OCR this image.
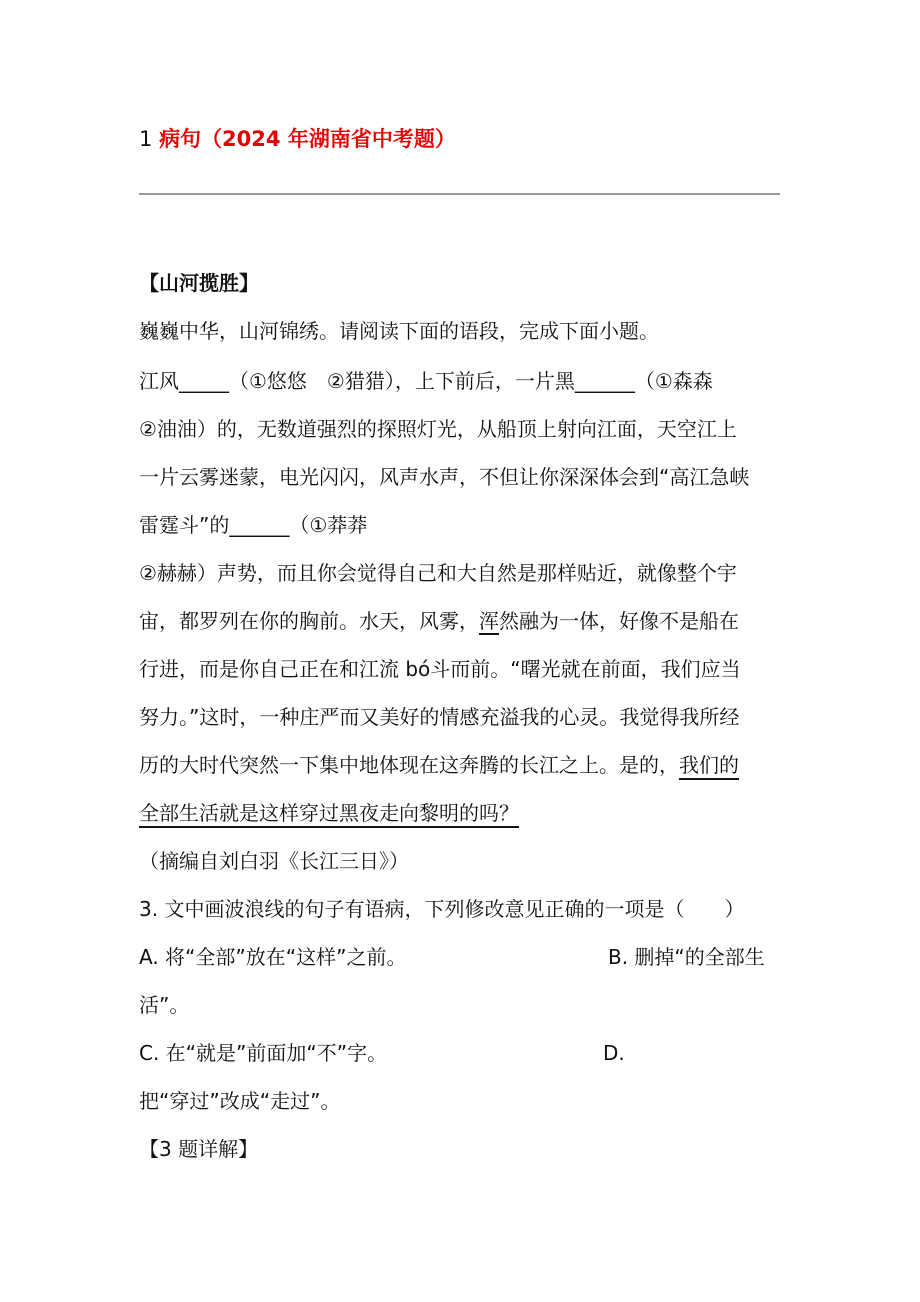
1 病句（2024 年湖南省中考题）
【山河揽胜】
巍巍中华，山河锦绣。请阅读下面的语段，完成下面小题。
江风_____（①悠悠　②猎猎），上下前后，一片黑______（①森森
②油油）的，无数道强烈的探照灯光，从船顶上射向江面，天空江上
一片云雾迷蒙，电光闪闪，风声水声，不但让你深深体会到“高江急峡
雷霆斗”的______（①莽莽
②赫赫）声势，而且你会觉得自己和大自然是那样贴近，就像整个宇
宙，都罗列在你的胸前。水天，风雾，浑然融为一体，好像不是船在
行进，而是你自己正在和江流 bó斗而前。“曙光就在前面，我们应当
努力。”这时，一种庄严而又美好的情感充溢我的心灵。我觉得我所经
历的大时代突然一下集中地体现在这奔腾的长江之上。是的，我们的
全部生活就是这样穿过黑夜走向黎明的吗？
（摘编自刘白羽《长江三日》）
3. 文中画波浪线的句子有语病，下列修改意见正确的一项是（　　）
A. 将“全部”放在“这样”之前。	B. 删掉“的全部生
活”。
C. 在“就是”前面加“不”字。	D.
把“穿过”改成“走过”。
【3 题详解】
